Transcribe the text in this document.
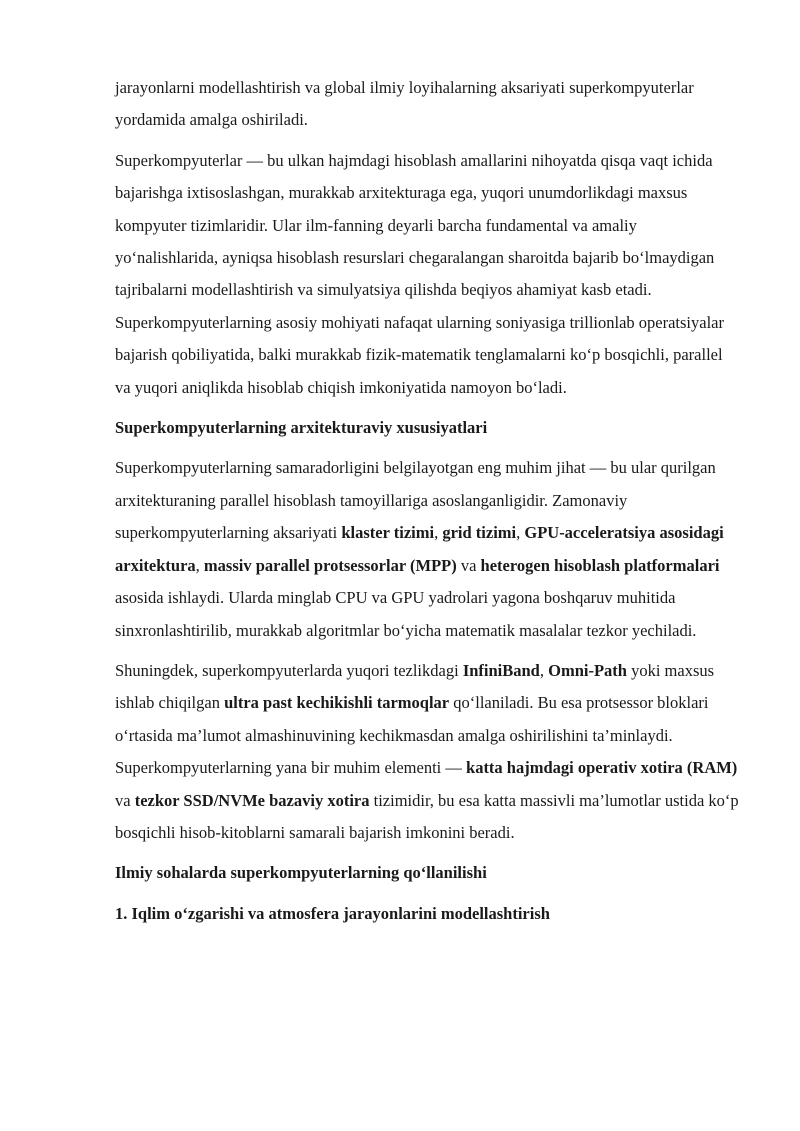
jarayonlarni modellashtirish va global ilmiy loyihalarning aksariyati superkompyuterlar yordamida amalga oshiriladi.

Superkompyuterlar — bu ulkan hajmdagi hisoblash amallarini nihoyatda qisqa vaqt ichida bajarishga ixtisoslashgan, murakkab arxitekturaga ega, yuqori unumdorlikdagi maxsus kompyuter tizimlaridir. Ular ilm-fanning deyarli barcha fundamental va amaliy yo‘nalishlarida, ayniqsa hisoblash resurslari chegaralangan sharoitda bajarib bo‘lmaydigan tajribalarni modellashtirish va simulyatsiya qilishda beqiyos ahamiyat kasb etadi. Superkompyuterlarning asosiy mohiyati nafaqat ularning soniyasiga trillionlab operatsiyalar bajarish qobiliyatida, balki murakkab fizik-matematik tenglamalarni ko‘p bosqichli, parallel va yuqori aniqlikda hisoblab chiqish imkoniyatida namoyon bo‘ladi.

Superkompyuterlarning arxitekturaviy xususiyatlari

Superkompyuterlarning samaradorligini belgilayotgan eng muhim jihat — bu ular qurilgan arxitekturaning parallel hisoblash tamoyillariga asoslanganligidir. Zamonaviy superkompyuterlarning aksariyati klaster tizimi, grid tizimi, GPU-acceleratsiya asosidagi arxitektura, massiv parallel protsessorlar (MPP) va heterogen hisoblash platformalari asosida ishlaydi. Ularda minglab CPU va GPU yadrolari yagona boshqaruv muhitida sinxronlashtirilib, murakkab algoritmlar bo‘yicha matematik masalalar tezkor yechiladi.

Shuningdek, superkompyuterlarda yuqori tezlikdagi InfiniBand, Omni-Path yoki maxsus ishlab chiqilgan ultra past kechikishli tarmoqlar qo‘llaniladi. Bu esa protsessor bloklari o‘rtasida ma’lumot almashinuvining kechikmasdan amalga oshirilishini ta’minlaydi. Superkompyuterlarning yana bir muhim elementi — katta hajmdagi operativ xotira (RAM) va tezkor SSD/NVMe bazaviy xotira tizimidir, bu esa katta massivli ma’lumotlar ustida ko‘p bosqichli hisob-kitoblarni samarali bajarish imkonini beradi.

Ilmiy sohalarda superkompyuterlarning qo‘llanilishi
1. Iqlim o‘zgarishi va atmosfera jarayonlarini modellashtirish
